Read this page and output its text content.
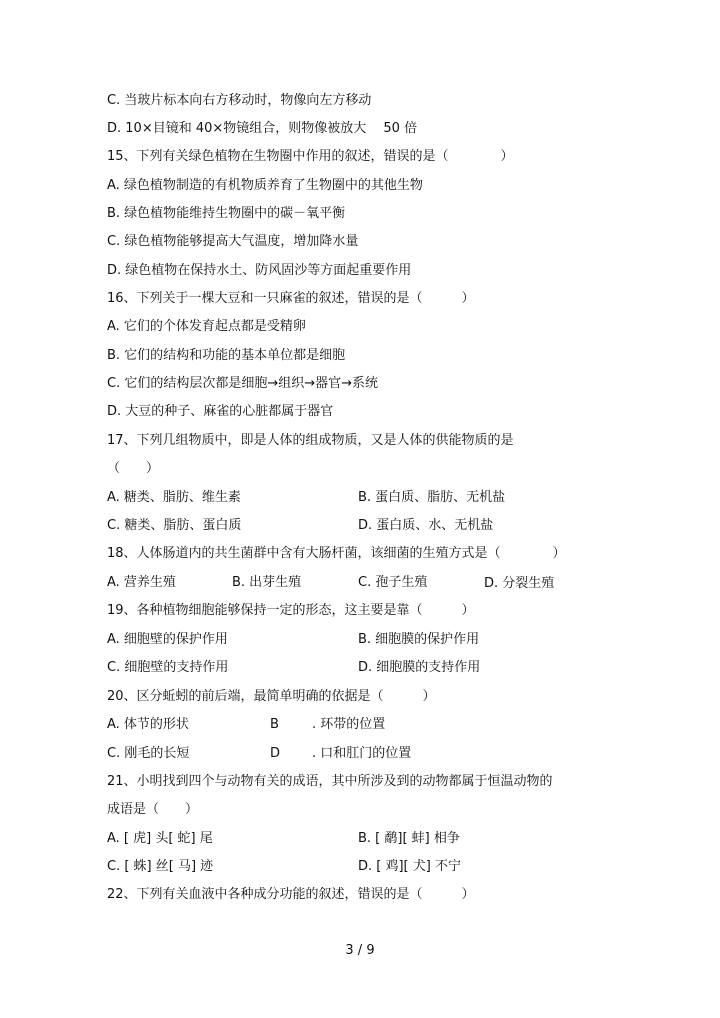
C. 当玻片标本向右方移动时，物像向左方移动
D. 10×目镜和 40×物镜组合，则物像被放大　 50 倍
15、下列有关绿色植物在生物圈中作用的叙述，错误的是（　　　　）
A. 绿色植物制造的有机物质养育了生物圈中的其他生物
B. 绿色植物能维持生物圈中的碳－氧平衡
C. 绿色植物能够提高大气温度，增加降水量
D. 绿色植物在保持水土、防风固沙等方面起重要作用
16、下列关于一棵大豆和一只麻雀的叙述，错误的是（　　　）
A. 它们的个体发育起点都是受精卵
B. 它们的结构和功能的基本单位都是细胞
C. 它们的结构层次都是细胞→组织→器官→系统
D. 大豆的种子、麻雀的心脏都属于器官
17、下列几组物质中，即是人体的组成物质，又是人体的供能物质的是
（　　）
A. 糖类、脂肪、维生素	B. 蛋白质、脂肪、无机盐
C. 糖类、脂肪、蛋白质	D. 蛋白质、水、无机盐
18、人体肠道内的共生菌群中含有大肠杆菌，该细菌的生殖方式是（　　　　）
A. 营养生殖	B. 出芽生殖	C. 孢子生殖	D. 分裂生殖
19、各种植物细胞能够保持一定的形态，这主要是靠（　　　）
A. 细胞壁的保护作用	B. 细胞膜的保护作用
C. 细胞壁的支持作用	D. 细胞膜的支持作用
20、区分蚯蚓的前后端，最简单明确的依据是（　　　）
A. 体节的形状	B	. 环带的位置
C. 刚毛的长短	D . 口和肛门的位置
21、小明找到四个与动物有关的成语，其中所涉及到的动物都属于恒温动物的
成语是（　　）
A. [ 虎] 头[ 蛇] 尾	B. [ 鹬][ 蚌] 相争
C. [ 蛛] 丝[ 马] 迹	D. [ 鸡][ 犬] 不宁
22、下列有关血液中各种成分功能的叙述，错误的是（　　　）
3 / 9
